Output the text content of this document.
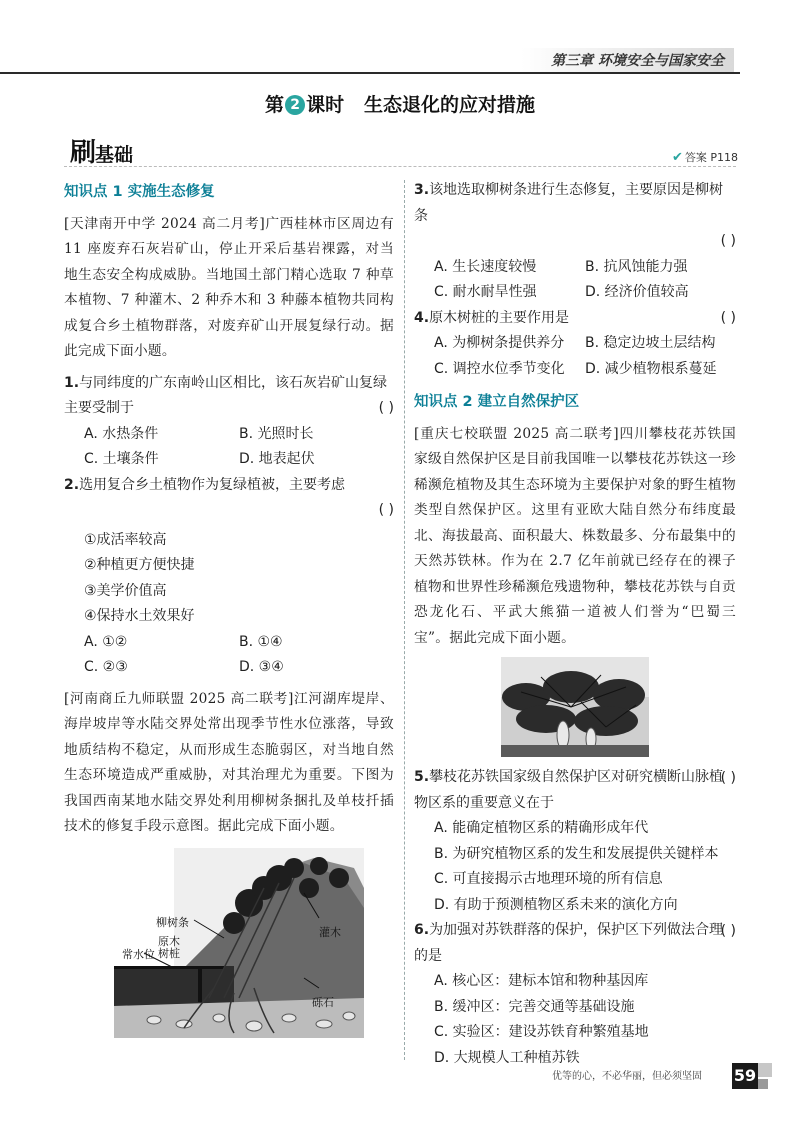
第三章 环境安全与国家安全
第 2 课时 生态退化的应对措施
刷基础	✔ 答案 P118
知识点 1 实施生态修复

[天津南开中学 2024 高二月考]广西桂林市区周边有 11 座废弃石灰岩矿山，停止开采后基岩裸露，对当地生态安全构成威胁。当地国土部门精心选取 7 种草本植物、7 种灌木、2 种乔木和 3 种藤本植物共同构成复合乡土植物群落，对废弃矿山开展复绿行动。据此完成下面小题。

1.与同纬度的广东南岭山区相比，该石灰岩矿山复绿主要受制于	( )
A. 水热条件	B. 光照时长
C. 土壤条件	D. 地表起伏
2.选用复合乡土植物作为复绿植被，主要考虑
( )
①成活率较高
②种植更方便快捷
③美学价值高
④保持水土效果好
A. ①②	B. ①④
C. ②③	D. ③④

[河南商丘九师联盟 2025 高二联考]江河湖库堤岸、海岸坡岸等水陆交界处常出现季节性水位涨落，导致地质结构不稳定，从而形成生态脆弱区，对当地自然生态环境造成严重威胁，对其治理尤为重要。下图为我国西南某地水陆交界处利用柳树条捆扎及单枝扦插技术的修复手段示意图。据此完成下面小题。

柳树条
灌木
常水位
原木
树桩
砾石
3.该地选取柳树条进行生态修复，主要原因是柳树条
( )
A. 生长速度较慢	B. 抗风蚀能力强
C. 耐水耐旱性强	D. 经济价值较高
4.原木树桩的主要作用是	( )
A. 为柳树条提供养分	B. 稳定边坡土层结构
C. 调控水位季节变化	D. 减少植物根系蔓延
知识点 2 建立自然保护区

[重庆七校联盟 2025 高二联考]四川攀枝花苏铁国家级自然保护区是目前我国唯一以攀枝花苏铁这一珍稀濒危植物及其生态环境为主要保护对象的野生植物类型自然保护区。这里有亚欧大陆自然分布纬度最北、海拔最高、面积最大、株数最多、分布最集中的天然苏铁林。作为在 2.7 亿年前就已经存在的裸子植物和世界性珍稀濒危残遗物种，攀枝花苏铁与自贡恐龙化石、平武大熊猫一道被人们誉为“巴蜀三宝”。据此完成下面小题。

5.攀枝花苏铁国家级自然保护区对研究横断山脉植物区系的重要意义在于
( )
A. 能确定植物区系的精确形成年代
B. 为研究植物区系的发生和发展提供关键样本
C. 可直接揭示古地理环境的所有信息
D. 有助于预测植物区系未来的演化方向
6.为加强对苏铁群落的保护，保护区下列做法合理的是
( )
A. 核心区：建标本馆和物种基因库
B. 缓冲区：完善交通等基础设施
C. 实验区：建设苏铁育种繁殖基地
D. 大规模人工种植苏铁
优等的心，不必华丽，但必须坚固 59
